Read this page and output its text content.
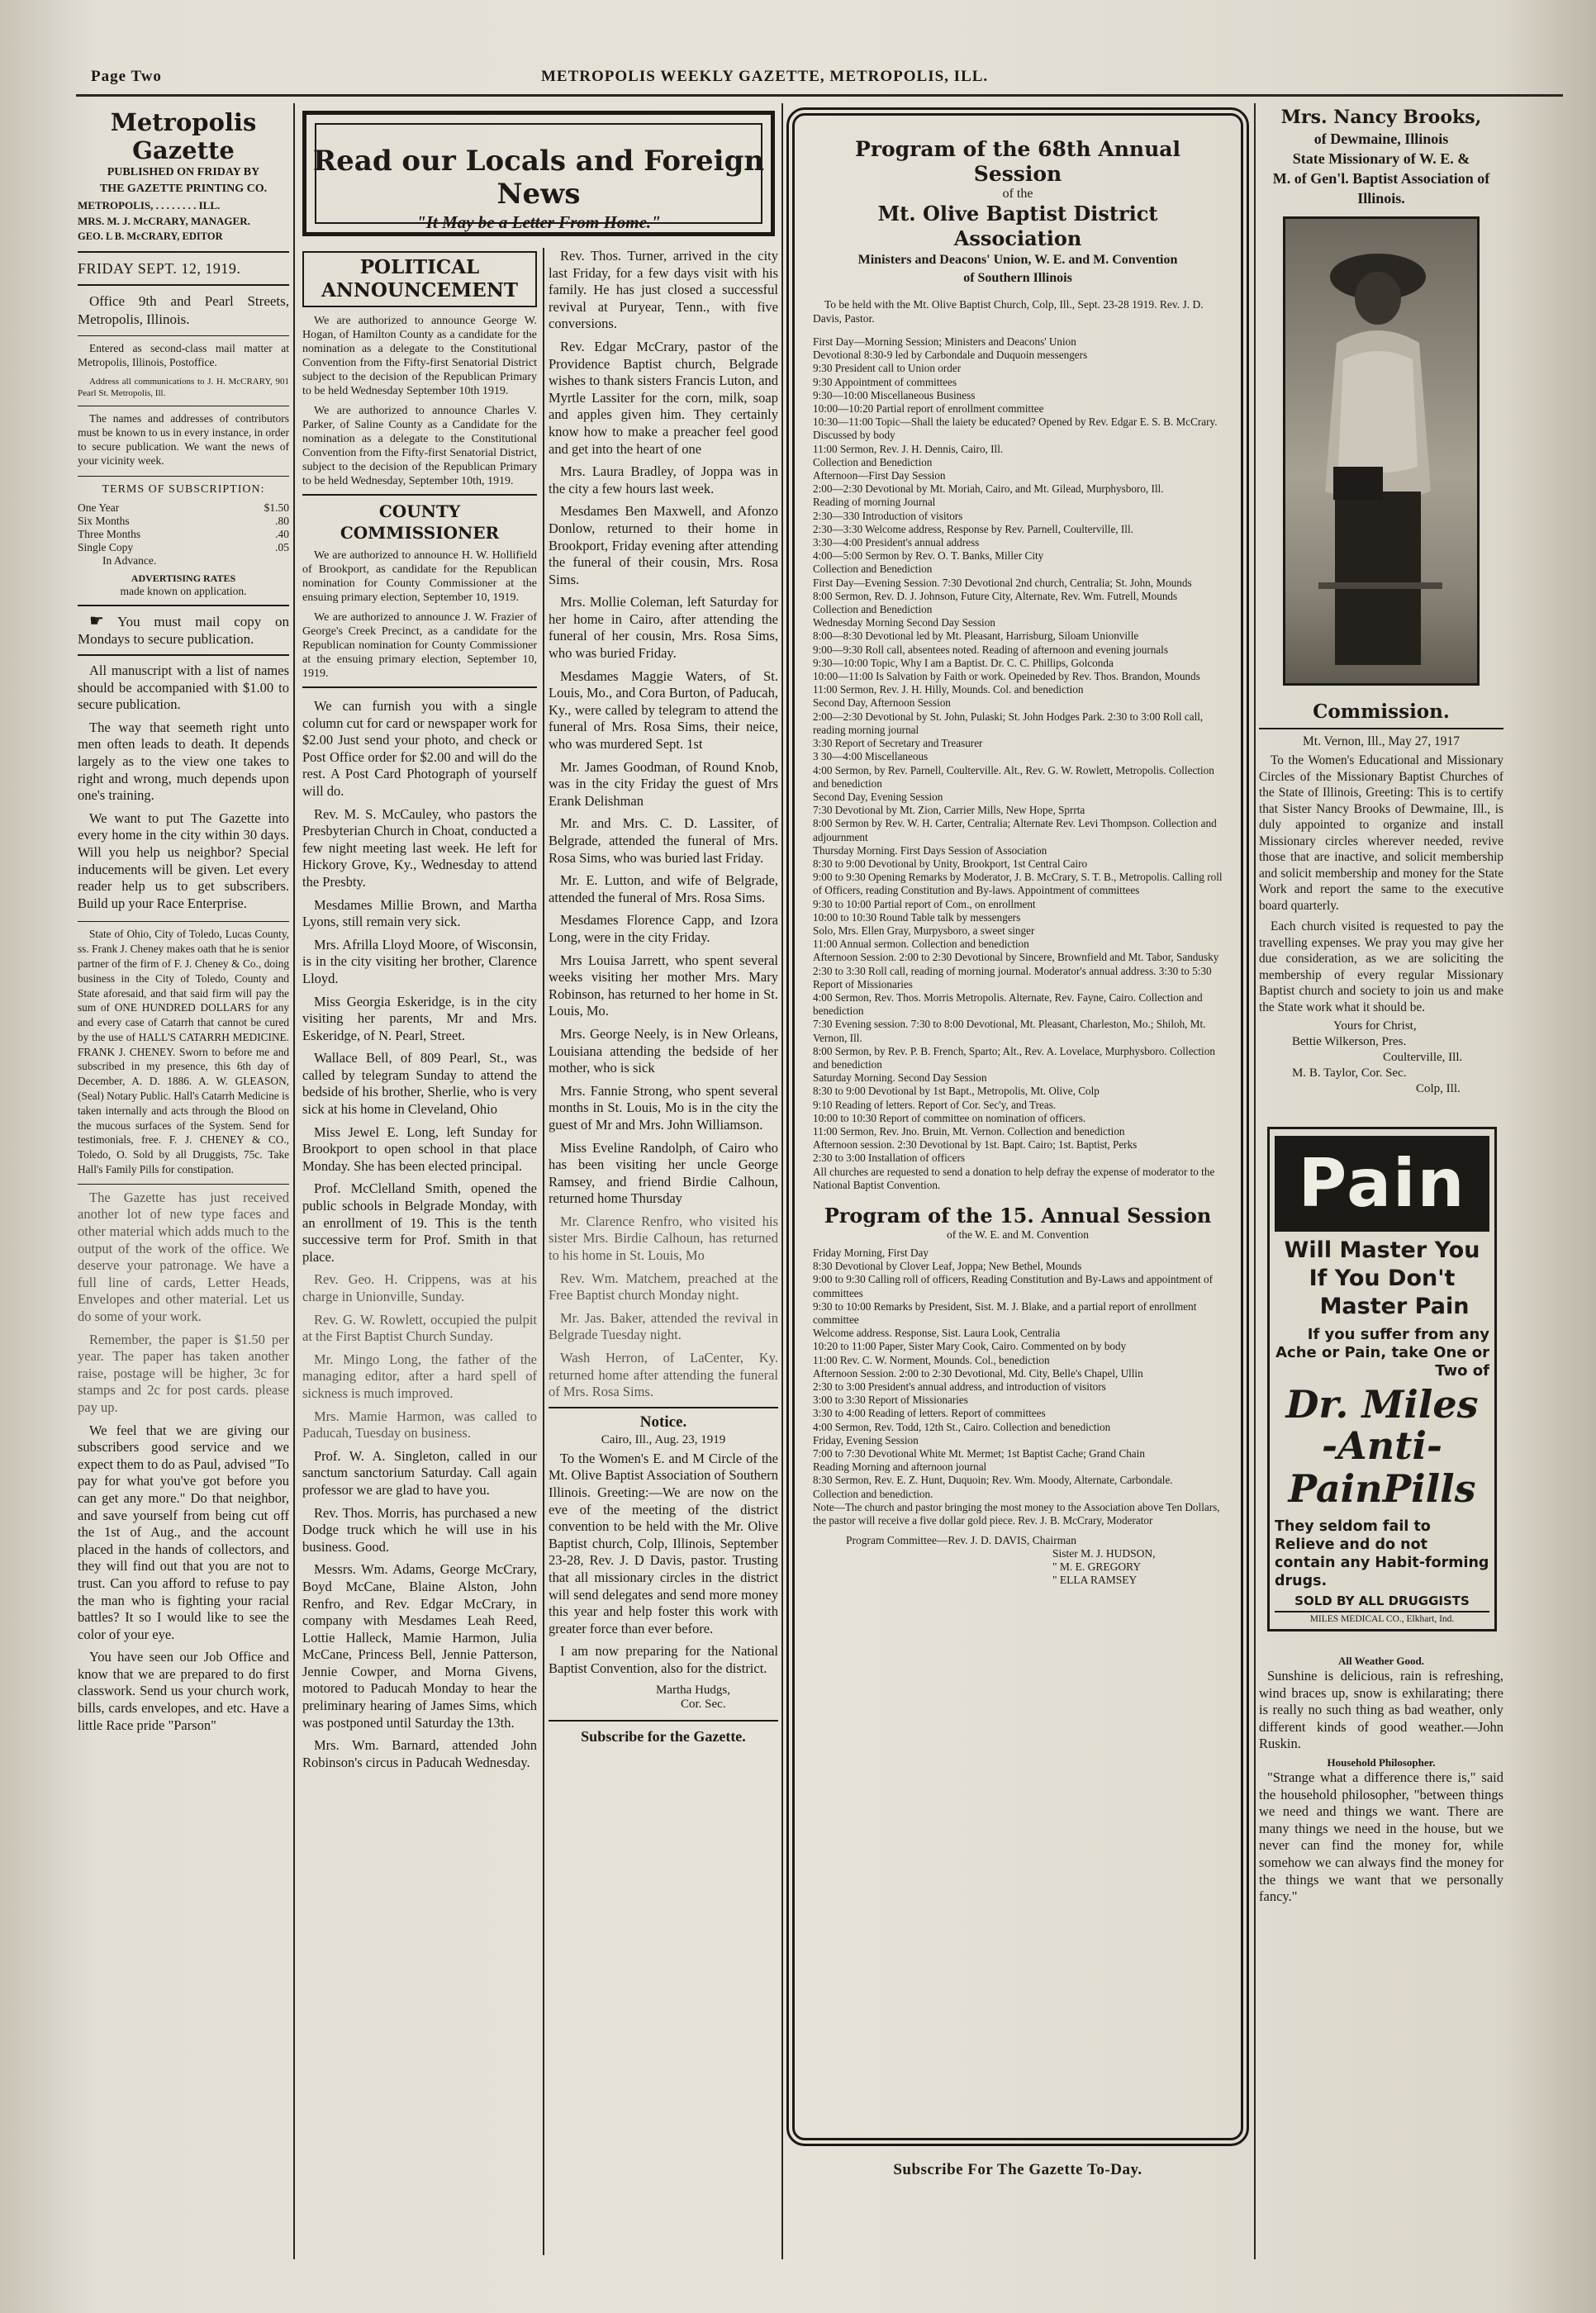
Page Two	METROPOLIS WEEKLY GAZETTE, METROPOLIS, ILL.
Metropolis Gazette
PUBLISHED ON FRIDAY BY
THE GAZETTE PRINTING CO.
METROPOLIS, . . . . . . . . ILL.
MRS. M. J. McCRARY, MANAGER.
GEO. L B. McCRARY, EDITOR
FRIDAY SEPT. 12, 1919.

Office 9th and Pearl Streets, Metropolis, Illinois.

Entered as second-class mail matter at Metropolis, Illinois, Postoffice.

Address all communications to J. H. McCRARY, 901 Pearl St. Metropolis, Ill.

The names and addresses of contributors must be known to us in every instance, in order to secure publication. We want the news of your vicinity week.

TERMS OF SUBSCRIPTION:
One Year	$1.50
Six Months	.80
Three Months	.40
Single Copy	.05
In Advance.
ADVERTISING RATES
made known on application.

☛ You must mail copy on Mondays to secure publication.

All manuscript with a list of names should be accompanied with $1.00 to secure publication.

The way that seemeth right unto men often leads to death. It depends largely as to the view one takes to right and wrong, much depends upon one's training.

We want to put The Gazette into every home in the city within 30 days. Will you help us neighbor? Special inducements will be given. Let every reader help us to get subscribers. Build up your Race Enterprise.

State of Ohio, City of Toledo, Lucas County, ss. Frank J. Cheney makes oath that he is senior partner of the firm of F. J. Cheney & Co., doing business in the City of Toledo, County and State aforesaid, and that said firm will pay the sum of ONE HUNDRED DOLLARS for any and every case of Catarrh that cannot be cured by the use of HALL'S CATARRH MEDICINE. FRANK J. CHENEY. Sworn to before me and subscribed in my presence, this 6th day of December, A. D. 1886. A. W. GLEASON, (Seal) Notary Public. Hall's Catarrh Medicine is taken internally and acts through the Blood on the mucous surfaces of the System. Send for testimonials, free. F. J. CHENEY & CO., Toledo, O. Sold by all Druggists, 75c. Take Hall's Family Pills for constipation.

The Gazette has just received another lot of new type faces and other material which adds much to the output of the work of the office. We deserve your patronage. We have a full line of cards, Letter Heads, Envelopes and other material. Let us do some of your work.

Remember, the paper is $1.50 per year. The paper has taken another raise, postage will be higher, 3c for stamps and 2c for post cards. please pay up.

We feel that we are giving our subscribers good service and we expect them to do as Paul, advised "To pay for what you've got before you can get any more." Do that neighbor, and save yourself from being cut off the 1st of Aug., and the account placed in the hands of collectors, and they will find out that you are not to trust. Can you afford to refuse to pay the man who is fighting your racial battles? It so I would like to see the color of your eye.

You have seen our Job Office and know that we are prepared to do first classwork. Send us your church work, bills, cards envelopes, and etc. Have a little Race pride "Parson"

Read our Locals and Foreign News
"It May be a Letter From Home."
POLITICAL ANNOUNCEMENT

We are authorized to announce George W. Hogan, of Hamilton County as a candidate for the nomination as a delegate to the Constitutional Convention from the Fifty-first Senatorial District subject to the decision of the Republican Primary to be held Wednesday September 10th 1919.

We are authorized to announce Charles V. Parker, of Saline County as a Candidate for the nomination as a delegate to the Constitutional Convention from the Fifty-first Senatorial District, subject to the decision of the Republican Primary to be held Wednesday, September 10th, 1919.

COUNTY COMMISSIONER

We are authorized to announce H. W. Hollifield of Brookport, as candidate for the Republican nomination for County Commissioner at the ensuing primary election, September 10, 1919.

We are authorized to announce J. W. Frazier of George's Creek Precinct, as a candidate for the Republican nomination for County Commissioner at the ensuing primary election, September 10, 1919.

We can furnish you with a single column cut for card or newspaper work for $2.00 Just send your photo, and check or Post Office order for $2.00 and will do the rest. A Post Card Photograph of yourself will do.

Rev. M. S. McCauley, who pastors the Presbyterian Church in Choat, conducted a few night meeting last week. He left for Hickory Grove, Ky., Wednesday to attend the Presbty.

Mesdames Millie Brown, and Martha Lyons, still remain very sick.

Mrs. Afrilla Lloyd Moore, of Wisconsin, is in the city visiting her brother, Clarence Lloyd.

Miss Georgia Eskeridge, is in the city visiting her parents, Mr and Mrs. Eskeridge, of N. Pearl, Street.

Wallace Bell, of 809 Pearl, St., was called by telegram Sunday to attend the bedside of his brother, Sherlie, who is very sick at his home in Cleveland, Ohio

Miss Jewel E. Long, left Sunday for Brookport to open school in that place Monday. She has been elected principal.

Prof. McClelland Smith, opened the public schools in Belgrade Monday, with an enrollment of 19. This is the tenth successive term for Prof. Smith in that place.

Rev. Geo. H. Crippens, was at his charge in Unionville, Sunday.

Rev. G. W. Rowlett, occupied the pulpit at the First Baptist Church Sunday.

Mr. Mingo Long, the father of the managing editor, after a hard spell of sickness is much improved.

Mrs. Mamie Harmon, was called to Paducah, Tuesday on business.

Prof. W. A. Singleton, called in our sanctum sanctorium Saturday. Call again professor we are glad to have you.

Rev. Thos. Morris, has purchased a new Dodge truck which he will use in his business. Good.

Messrs. Wm. Adams, George McCrary, Boyd McCane, Blaine Alston, John Renfro, and Rev. Edgar McCrary, in company with Mesdames Leah Reed, Lottie Halleck, Mamie Harmon, Julia McCane, Princess Bell, Jennie Patterson, Jennie Cowper, and Morna Givens, motored to Paducah Monday to hear the preliminary hearing of James Sims, which was postponed until Saturday the 13th.

Mrs. Wm. Barnard, attended John Robinson's circus in Paducah Wednesday.

Rev. Thos. Turner, arrived in the city last Friday, for a few days visit with his family. He has just closed a successful revival at Puryear, Tenn., with five conversions.

Rev. Edgar McCrary, pastor of the Providence Baptist church, Belgrade wishes to thank sisters Francis Luton, and Myrtle Lassiter for the corn, milk, soap and apples given him. They certainly know how to make a preacher feel good and get into the heart of one

Mrs. Laura Bradley, of Joppa was in the city a few hours last week.

Mesdames Ben Maxwell, and Afonzo Donlow, returned to their home in Brookport, Friday evening after attending the funeral of their cousin, Mrs. Rosa Sims.

Mrs. Mollie Coleman, left Saturday for her home in Cairo, after attending the funeral of her cousin, Mrs. Rosa Sims, who was buried Friday.

Mesdames Maggie Waters, of St. Louis, Mo., and Cora Burton, of Paducah, Ky., were called by telegram to attend the funeral of Mrs. Rosa Sims, their neice, who was murdered Sept. 1st

Mr. James Goodman, of Round Knob, was in the city Friday the guest of Mrs Erank Delishman

Mr. and Mrs. C. D. Lassiter, of Belgrade, attended the funeral of Mrs. Rosa Sims, who was buried last Friday.

Mr. E. Lutton, and wife of Belgrade, attended the funeral of Mrs. Rosa Sims.

Mesdames Florence Capp, and Izora Long, were in the city Friday.

Mrs Louisa Jarrett, who spent several weeks visiting her mother Mrs. Mary Robinson, has returned to her home in St. Louis, Mo.

Mrs. George Neely, is in New Orleans, Louisiana attending the bedside of her mother, who is sick

Mrs. Fannie Strong, who spent several months in St. Louis, Mo is in the city the guest of Mr and Mrs. John Williamson.

Miss Eveline Randolph, of Cairo who has been visiting her uncle George Ramsey, and friend Birdie Calhoun, returned home Thursday

Mr. Clarence Renfro, who visited his sister Mrs. Birdie Calhoun, has returned to his home in St. Louis, Mo

Rev. Wm. Matchem, preached at the Free Baptist church Monday night.

Mr. Jas. Baker, attended the revival in Belgrade Tuesday night.

Wash Herron, of LaCenter, Ky. returned home after attending the funeral of Mrs. Rosa Sims.

Notice.
Cairo, Ill., Aug. 23, 1919

To the Women's E. and M Circle of the Mt. Olive Baptist Association of Southern Illinois. Greeting:—We are now on the eve of the meeting of the district convention to be held with the Mr. Olive Baptist church, Colp, Illinois, September 23-28, Rev. J. D Davis, pastor. Trusting that all missionary circles in the district will send delegates and send more money this year and help foster this work with greater force than ever before.

I am now preparing for the National Baptist Convention, also for the district.

Martha Hudgs,
Cor. Sec.
Subscribe for the Gazette.
Program of the 68th Annual Session
of the
Mt. Olive Baptist District Association
Ministers and Deacons' Union, W. E. and M. Convention
of Southern Illinois
To be held with the Mt. Olive Baptist Church, Colp, Ill., Sept. 23-28 1919. Rev. J. D. Davis, Pastor.

First Day—Morning Session; Ministers and Deacons' Union

Devotional 8:30-9 led by Carbondale and Duquoin messengers

9:30 President call to Union order

9:30 Appointment of committees

9:30—10:00 Miscellaneous Business

10:00—10:20 Partial report of enrollment committee

10:30—11:00 Topic—Shall the laiety be educated? Opened by Rev. Edgar E. S. B. McCrary. Discussed by body

11:00 Sermon, Rev. J. H. Dennis, Cairo, Ill.

Collection and Benediction

Afternoon—First Day Session

2:00—2:30 Devotional by Mt. Moriah, Cairo, and Mt. Gilead, Murphysboro, Ill.

Reading of morning Journal

2:30—330 Introduction of visitors

2:30—3:30 Welcome address, Response by Rev. Parnell, Coulterville, Ill.

3:30—4:00 President's annual address

4:00—5:00 Sermon by Rev. O. T. Banks, Miller City

Collection and Benediction

First Day—Evening Session. 7:30 Devotional 2nd church, Centralia; St. John, Mounds

8:00 Sermon, Rev. D. J. Johnson, Future City, Alternate, Rev. Wm. Futrell, Mounds

Collection and Benediction

Wednesday Morning Second Day Session

8:00—8:30 Devotional led by Mt. Pleasant, Harrisburg, Siloam Unionville

9:00—9:30 Roll call, absentees noted. Reading of afternoon and evening journals

9:30—10:00 Topic, Why I am a Baptist. Dr. C. C. Phillips, Golconda

10:00—11:00 Is Salvation by Faith or work. Opeineded by Rev. Thos. Brandon, Mounds

11:00 Sermon, Rev. J. H. Hilly, Mounds. Col. and benediction

Second Day, Afternoon Session

2:00—2:30 Devotional by St. John, Pulaski; St. John Hodges Park. 2:30 to 3:00 Roll call, reading morning journal

3:30 Report of Secretary and Treasurer

3 30—4:00 Miscellaneous

4:00 Sermon, by Rev. Parnell, Coulterville. Alt., Rev. G. W. Rowlett, Metropolis. Collection and benediction

Second Day, Evening Session

7:30 Devotional by Mt. Zion, Carrier Mills, New Hope, Sprrta

8:00 Sermon by Rev. W. H. Carter, Centralia; Alternate Rev. Levi Thompson. Collection and adjournment

Thursday Morning. First Days Session of Association

8:30 to 9:00 Devotional by Unity, Brookport, 1st Central Cairo

9:00 to 9:30 Opening Remarks by Moderator, J. B. McCrary, S. T. B., Metropolis. Calling roll of Officers, reading Constitution and By-laws. Appointment of committees

9:30 to 10:00 Partial report of Com., on enrollment

10:00 to 10:30 Round Table talk by messengers

Solo, Mrs. Ellen Gray, Murpysboro, a sweet singer

11:00 Annual sermon. Collection and benediction

Afternoon Session. 2:00 to 2:30 Devotional by Sincere, Brownfield and Mt. Tabor, Sandusky

2:30 to 3:30 Roll call, reading of morning journal. Moderator's annual address. 3:30 to 5:30 Report of Missionaries

4:00 Sermon, Rev. Thos. Morris Metropolis. Alternate, Rev. Fayne, Cairo. Collection and benediction

7:30 Evening session. 7:30 to 8:00 Devotional, Mt. Pleasant, Charleston, Mo.; Shiloh, Mt. Vernon, Ill.

8:00 Sermon, by Rev. P. B. French, Sparto; Alt., Rev. A. Lovelace, Murphysboro. Collection and benediction

Saturday Morning. Second Day Session

8:30 to 9:00 Devotional by 1st Bapt., Metropolis, Mt. Olive, Colp

9:10 Reading of letters. Report of Cor. Sec'y, and Treas.

10:00 to 10:30 Report of committee on nomination of officers.

11:00 Sermon, Rev. Jno. Bruin, Mt. Vernon. Collection and benediction

Afternoon session. 2:30 Devotional by 1st. Bapt. Cairo; 1st. Baptist, Perks

2:30 to 3:00 Installation of officers

All churches are requested to send a donation to help defray the expense of moderator to the National Baptist Convention.

Program of the 15. Annual Session
of the W. E. and M. Convention

Friday Morning, First Day

8:30 Devotional by Clover Leaf, Joppa; New Bethel, Mounds

9:00 to 9:30 Calling roll of officers, Reading Constitution and By-Laws and appointment of committees

9:30 to 10:00 Remarks by President, Sist. M. J. Blake, and a partial report of enrollment committee

Welcome address. Response, Sist. Laura Look, Centralia

10:20 to 11:00 Paper, Sister Mary Cook, Cairo. Commented on by body

11:00 Rev. C. W. Norment, Mounds. Col., benediction

Afternoon Session. 2:00 to 2:30 Devotional, Md. City, Belle's Chapel, Ullin

2:30 to 3:00 President's annual address, and introduction of visitors

3:00 to 3:30 Report of Missionaries

3:30 to 4:00 Reading of letters. Report of committees

4:00 Sermon, Rev. Todd, 12th St., Cairo. Collection and benediction

Friday, Evening Session

7:00 to 7:30 Devotional White Mt. Mermet; 1st Baptist Cache; Grand Chain

Reading Morning and afternoon journal

8:30 Sermon, Rev. E. Z. Hunt, Duquoin; Rev. Wm. Moody, Alternate, Carbondale.

Collection and benediction.

Note—The church and pastor bringing the most money to the Association above Ten Dollars, the pastor will receive a five dollar gold piece. Rev. J. B. McCrary, Moderator

Program Committee—Rev. J. D. DAVIS, Chairman
Sister M. J. HUDSON,
" M. E. GREGORY
" ELLA RAMSEY
Subscribe For The Gazette To-Day.
Mrs. Nancy Brooks,
of Dewmaine, Illinois
State Missionary of W. E. &
M. of Gen'l. Baptist Association of Illinois.
Commission.
Mt. Vernon, Ill., May 27, 1917

To the Women's Educational and Missionary Circles of the Missionary Baptist Churches of the State of Illinois, Greeting: This is to certify that Sister Nancy Brooks of Dewmaine, Ill., is duly appointed to organize and install Missionary circles wherever needed, revive those that are inactive, and solicit membership and solicit membership and money for the State Work and report the same to the executive board quarterly.

Each church visited is requested to pay the travelling expenses. We pray you may give her due consideration, as we are soliciting the membership of every regular Missionary Baptist church and society to join us and make the State work what it should be.

Yours for Christ,
Bettie Wilkerson, Pres.
Coulterville, Ill.
M. B. Taylor, Cor. Sec.
Colp, Ill.
Pain
Will Master You
If You Don't
Master Pain
If you suffer from any Ache or Pain, take One or Two of
Dr. Miles
-Anti-
PainPills
They seldom fail to Relieve and do not contain any Habit-forming drugs.
SOLD BY ALL DRUGGISTS
MILES MEDICAL CO., Elkhart, Ind.
All Weather Good.

Sunshine is delicious, rain is refreshing, wind braces up, snow is exhilarating; there is really no such thing as bad weather, only different kinds of good weather.—John Ruskin.

Household Philosopher.

"Strange what a difference there is," said the household philosopher, "between things we need and things we want. There are many things we need in the house, but we never can find the money for, while somehow we can always find the money for the things we want that we personally fancy."
